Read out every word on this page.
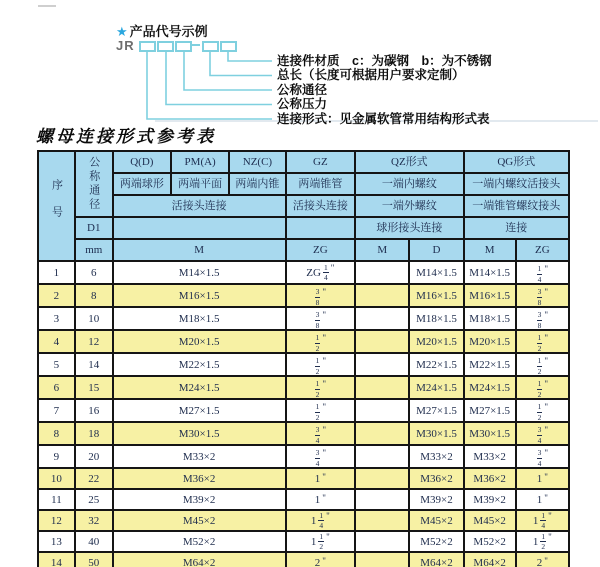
★ 产品代号示例
JR
连接件材质　c：为碳钢　b：为不锈钢
总长（长度可根据用户要求定制）
公称通径
公称压力
连接形式：见金属软管常用结构形式表
螺母连接形式参考表
序号	公称通径	Q(D)	PM(A)	NZ(C)	GZ	QZ形式		QG形式	
		两端球形	两端平面	两端内锥	两端锥管	一端内螺纹		一端内螺纹活接头	
		活接头连接			活接头连接	一端外螺纹		一端锥管螺纹接头	
	D1					球形接头连接		连接	
	mm	M			ZG	M	D	M	ZG
1	6	M14×1.5			ZG $\frac{1}{4}$ "		M14×1.5	M14×1.5	$\frac{1}{4}$ "

2	8	M16×1.5			$\frac{3}{8}$ "		M16×1.5	M16×1.5	$\frac{3}{8}$ "

3	10	M18×1.5			$\frac{3}{8}$ "		M18×1.5	M18×1.5	$\frac{3}{8}$ "

4	12	M20×1.5			$\frac{1}{2}$ "		M20×1.5	M20×1.5	$\frac{1}{2}$ "

5	14	M22×1.5			$\frac{1}{2}$ "		M22×1.5	M22×1.5	$\frac{1}{2}$ "

6	15	M24×1.5			$\frac{1}{2}$ "		M24×1.5	M24×1.5	$\frac{1}{2}$ "

7	16	M27×1.5			$\frac{1}{2}$ "		M27×1.5	M27×1.5	$\frac{1}{2}$ "

8	18	M30×1.5			$\frac{3}{4}$ "		M30×1.5	M30×1.5	$\frac{3}{4}$ "

9	20	M33×2			$\frac{3}{4}$ "		M33×2	M33×2	$\frac{3}{4}$ "

10	22	M36×2			1 "		M36×2	M36×2	1 "

11	25	M39×2			1 "		M39×2	M39×2	1 "

12	32	M45×2			$1 \frac{1}{4}$ "		M45×2	M45×2	$1 \frac{1}{4}$ "

13	40	M52×2			$1 \frac{1}{2}$ "		M52×2	M52×2	$1 \frac{1}{2}$ "

14	50	M64×2			2 "		M64×2	M64×2	2 "
